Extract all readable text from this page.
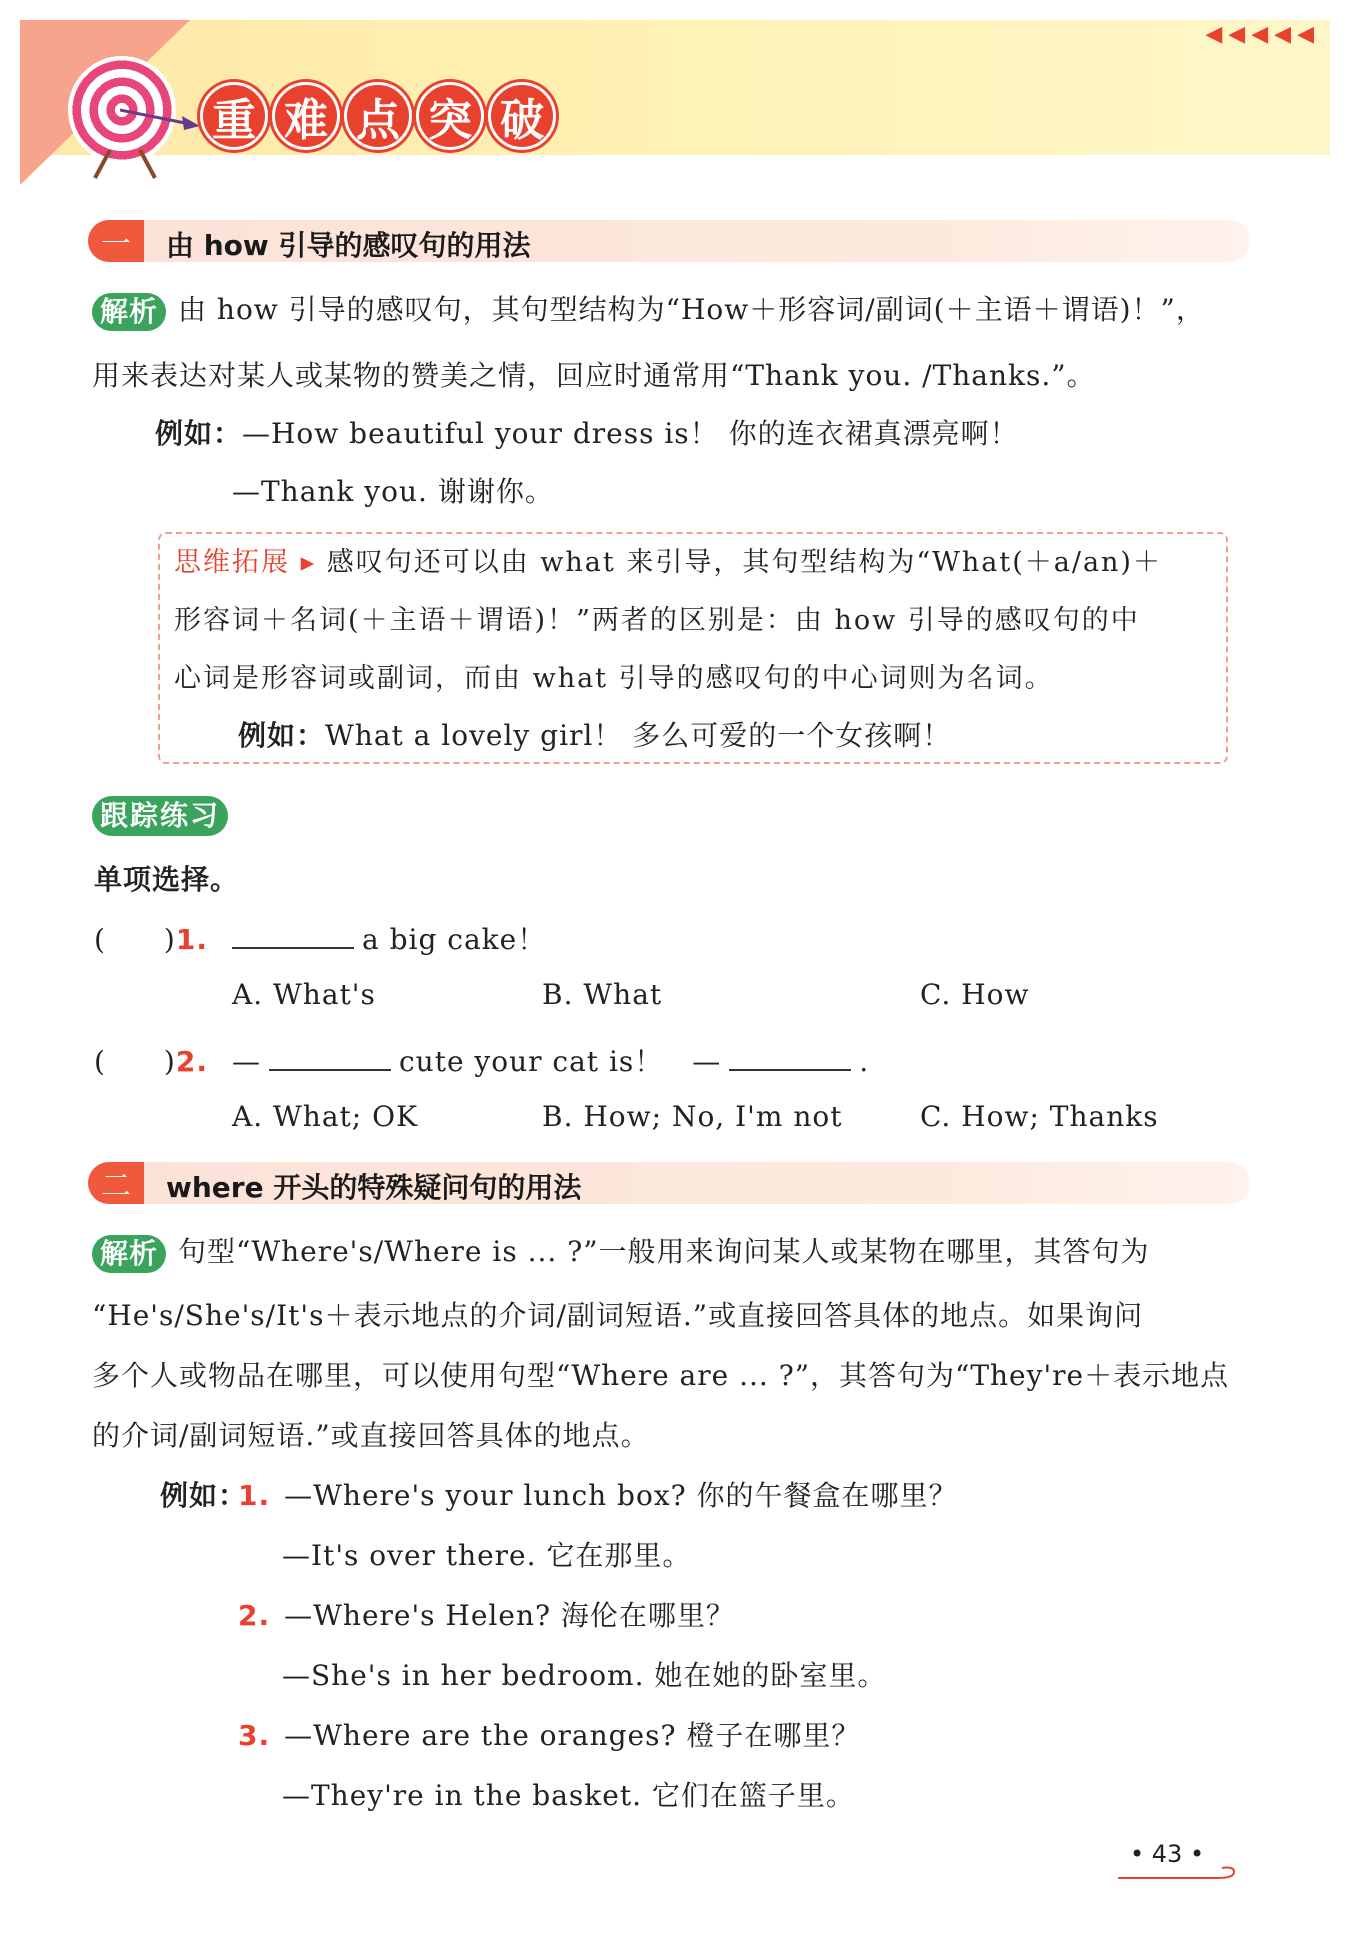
重 难 点 突 破
◀◀◀◀◀
一	由 how 引导的感叹句的用法
解析 由 how 引导的感叹句，其句型结构为“How＋形容词/副词(＋主语＋谓语)！”，
用来表达对某人或某物的赞美之情，回应时通常用“Thank you. /Thanks.”。
例如：—How beautiful your dress is！ 你的连衣裙真漂亮啊！
—Thank you. 谢谢你。
思维拓展 ▸ 感叹句还可以由 what 来引导，其句型结构为“What(＋a/an)＋
形容词＋名词(＋主语＋谓语)！”两者的区别是：由 how 引导的感叹句的中
心词是形容词或副词，而由 what 引导的感叹句的中心词则为名词。
例如：What a lovely girl！ 多么可爱的一个女孩啊！
跟踪练习
单项选择。
(　　)1.	a big cake！
A. What's	B. What	C. How
(　　)2. —	cute your cat is！　—	.
A. What; OK	B. How; No, I'm not	C. How; Thanks
二	where 开头的特殊疑问句的用法
解析 句型“Where's/Where is ... ?”一般用来询问某人或某物在哪里，其答句为
“He's/She's/It's＋表示地点的介词/副词短语.”或直接回答具体的地点。如果询问
多个人或物品在哪里，可以使用句型“Where are ... ?”，其答句为“They're＋表示地点
的介词/副词短语.”或直接回答具体的地点。
例如：
1. —Where's your lunch box? 你的午餐盒在哪里？
—It's over there. 它在那里。
2. —Where's Helen? 海伦在哪里？
—She's in her bedroom. 她在她的卧室里。
3. —Where are the oranges? 橙子在哪里？
—They're in the basket. 它们在篮子里。
• 43 •
